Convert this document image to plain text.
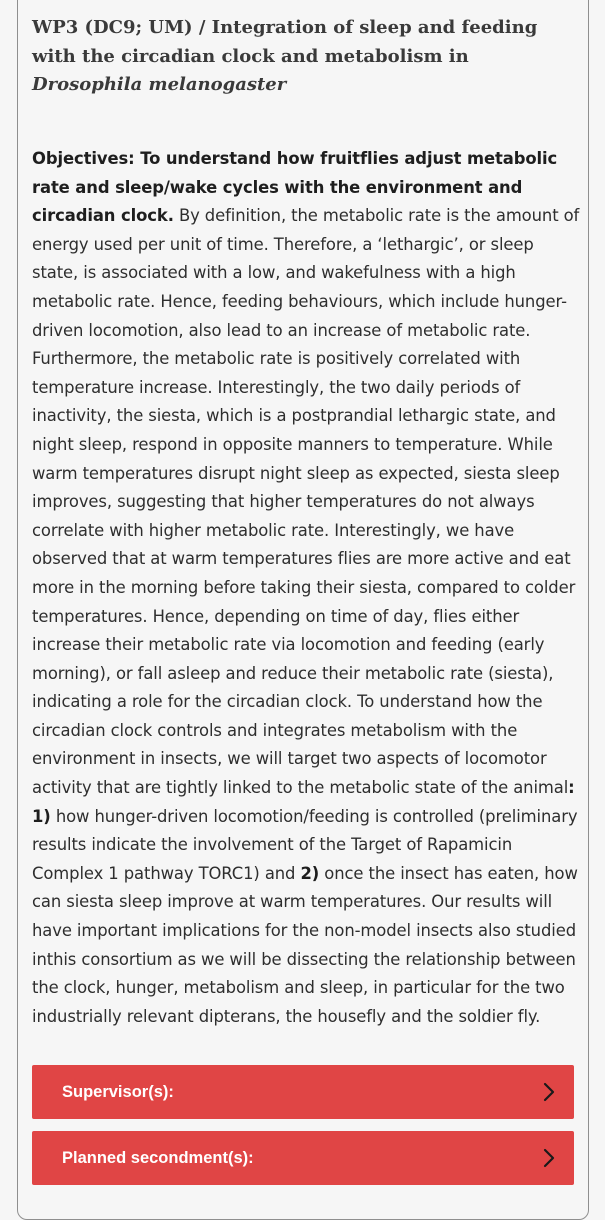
WP3 (DC9; UM) / Integration of sleep and feeding with the circadian clock and metabolism in Drosophila melanogaster

Objectives: To understand how fruitflies adjust metabolic rate and sleep/wake cycles with the environment and circadian clock. By definition, the metabolic rate is the amount of energy used per unit of time. Therefore, a ‘lethargic’, or sleep state, is associated with a low, and wakefulness with a high metabolic rate. Hence, feeding behaviours, which include hunger-driven locomotion, also lead to an increase of metabolic rate. Furthermore, the metabolic rate is positively correlated with temperature increase. Interestingly, the two daily periods of inactivity, the siesta, which is a postprandial lethargic state, and night sleep, respond in opposite manners to temperature. While warm temperatures disrupt night sleep as expected, siesta sleep improves, suggesting that higher temperatures do not always correlate with higher metabolic rate. Interestingly, we have observed that at warm temperatures flies are more active and eat more in the morning before taking their siesta, compared to colder temperatures. Hence, depending on time of day, flies either increase their metabolic rate via locomotion and feeding (early morning), or fall asleep and reduce their metabolic rate (siesta), indicating a role for the circadian clock. To understand how the circadian clock controls and integrates metabolism with the environment in insects, we will target two aspects of locomotor activity that are tightly linked to the metabolic state of the animal: 1) how hunger-driven locomotion/feeding is controlled (preliminary results indicate the involvement of the Target of Rapamicin Complex 1 pathway TORC1) and 2) once the insect has eaten, how can siesta sleep improve at warm temperatures. Our results will have important implications for the non-model insects also studied inthis consortium as we will be dissecting the relationship between the clock, hunger, metabolism and sleep, in particular for the two industrially relevant dipterans, the housefly and the soldier fly.

Supervisor(s):
Planned secondment(s):
